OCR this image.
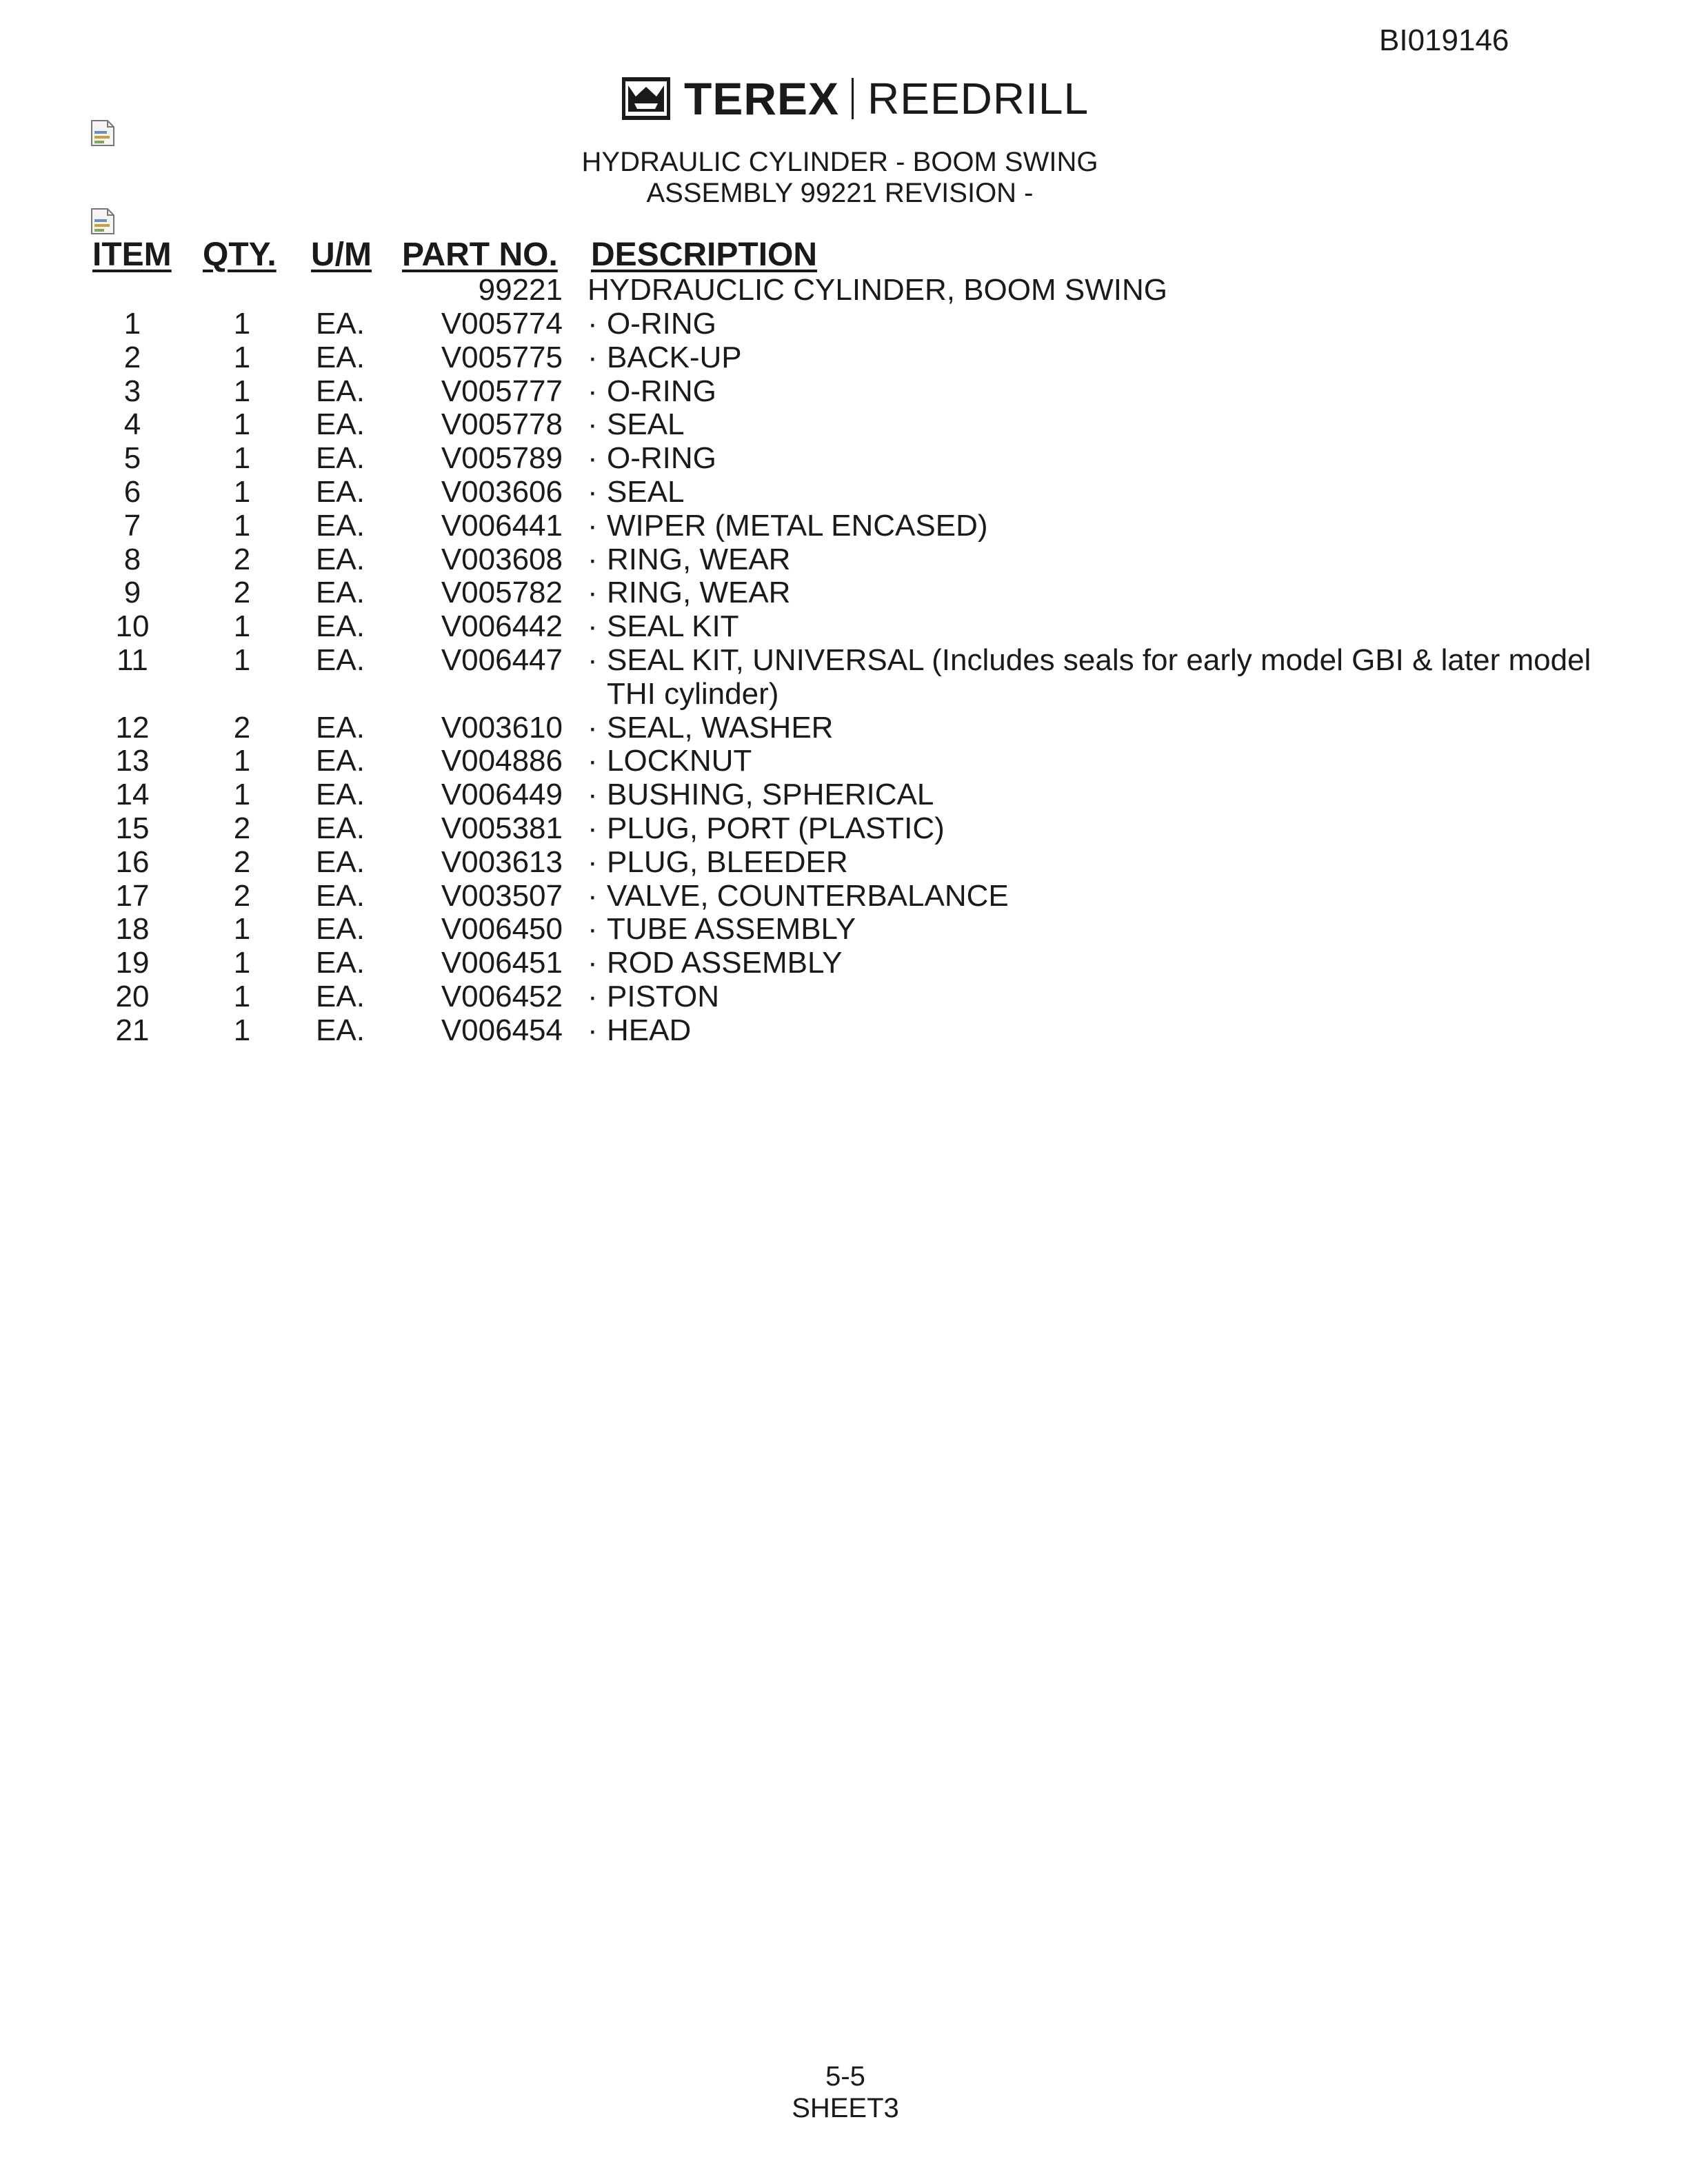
BI019146
TEREX REEDRILL
HYDRAULIC CYLINDER - BOOM SWING
ASSEMBLY 99221 REVISION -
ITEM QTY. U/M PART NO. DESCRIPTION
99221 HYDRAUCLIC CYLINDER, BOOM SWING
1	1	EA.	V005774 · O-RING
2	1	EA.	V005775 · BACK-UP
3	1	EA.	V005777 · O-RING
4	1	EA.	V005778 · SEAL
5	1	EA.	V005789 · O-RING
6	1	EA.	V003606 · SEAL
7	1	EA.	V006441 · WIPER (METAL ENCASED)
8	2	EA.	V003608 · RING, WEAR
9	2	EA.	V005782 · RING, WEAR
10	1	EA.	V006442 · SEAL KIT
11	1	EA.	V006447 · SEAL KIT, UNIVERSAL (Includes seals for early model GBI & later model THI cylinder)
12	2	EA.	V003610 · SEAL, WASHER
13	1	EA.	V004886 · LOCKNUT
14	1	EA.	V006449 · BUSHING, SPHERICAL
15	2	EA.	V005381 · PLUG, PORT (PLASTIC)
16	2	EA.	V003613 · PLUG, BLEEDER
17	2	EA.	V003507 · VALVE, COUNTERBALANCE
18	1	EA.	V006450 · TUBE ASSEMBLY
19	1	EA.	V006451 · ROD ASSEMBLY
20	1	EA.	V006452 · PISTON
21	1	EA.	V006454 · HEAD
5-5
SHEET3
